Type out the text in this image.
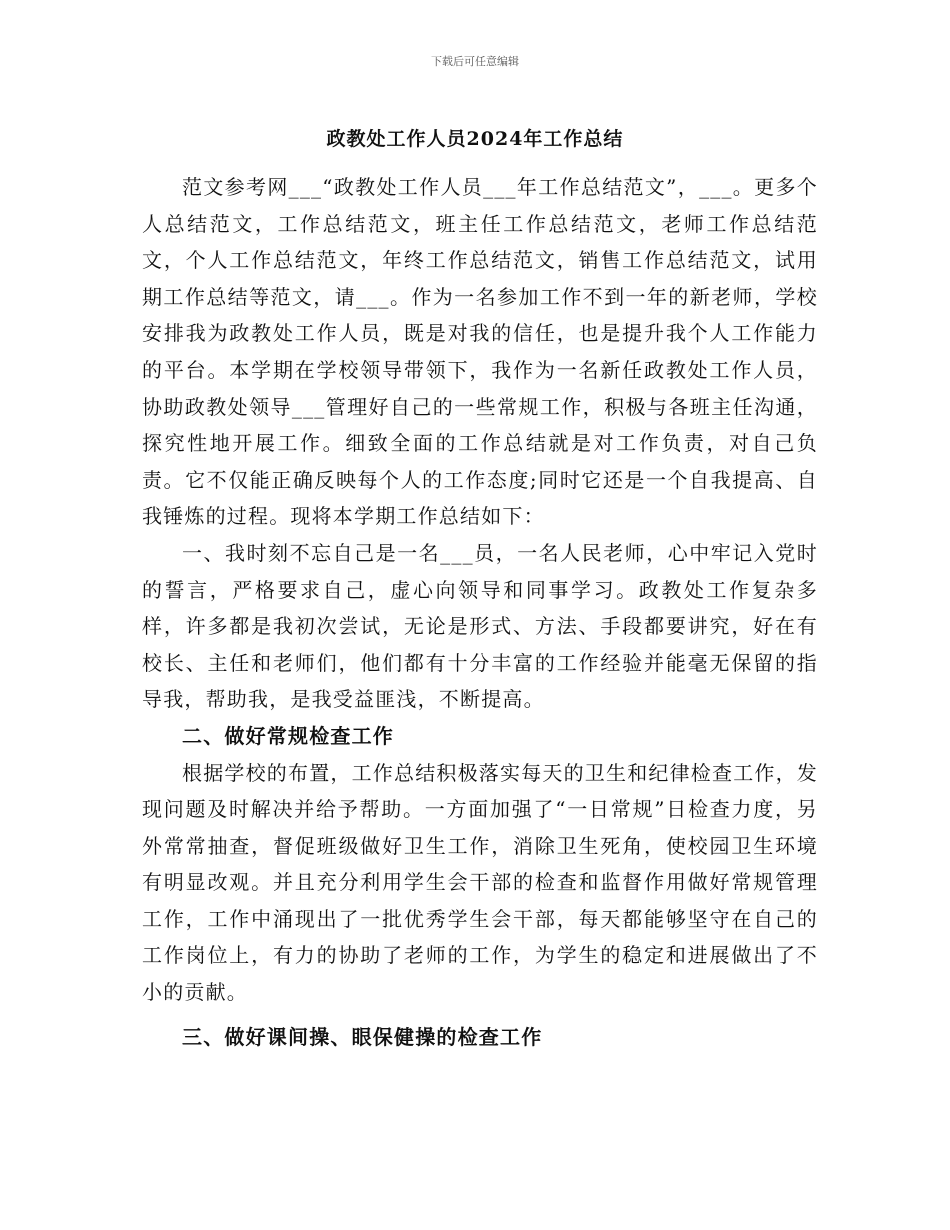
下载后可任意编辑
政教处工作人员2024年工作总结

范文参考网___“政教处工作人员___年工作总结范文”，___。更多个人总结范文，工作总结范文，班主任工作总结范文，老师工作总结范文，个人工作总结范文，年终工作总结范文，销售工作总结范文，试用期工作总结等范文，请___。作为一名参加工作不到一年的新老师，学校安排我为政教处工作人员，既是对我的信任，也是提升我个人工作能力的平台。本学期在学校领导带领下，我作为一名新任政教处工作人员，协助政教处领导___管理好自己的一些常规工作，积极与各班主任沟通，探究性地开展工作。细致全面的工作总结就是对工作负责，对自己负责。它不仅能正确反映每个人的工作态度;同时它还是一个自我提高、自我锤炼的过程。现将本学期工作总结如下：

一、我时刻不忘自己是一名___员，一名人民老师，心中牢记入党时的誓言，严格要求自己，虚心向领导和同事学习。政教处工作复杂多样，许多都是我初次尝试，无论是形式、方法、手段都要讲究，好在有校长、主任和老师们，他们都有十分丰富的工作经验并能毫无保留的指导我，帮助我，是我受益匪浅，不断提高。

二、做好常规检查工作

根据学校的布置，工作总结积极落实每天的卫生和纪律检查工作，发现问题及时解决并给予帮助。一方面加强了“一日常规”日检查力度，另外常常抽查，督促班级做好卫生工作，消除卫生死角，使校园卫生环境有明显改观。并且充分利用学生会干部的检查和监督作用做好常规管理工作，工作中涌现出了一批优秀学生会干部，每天都能够坚守在自己的工作岗位上，有力的协助了老师的工作，为学生的稳定和进展做出了不小的贡献。

三、做好课间操、眼保健操的检查工作
